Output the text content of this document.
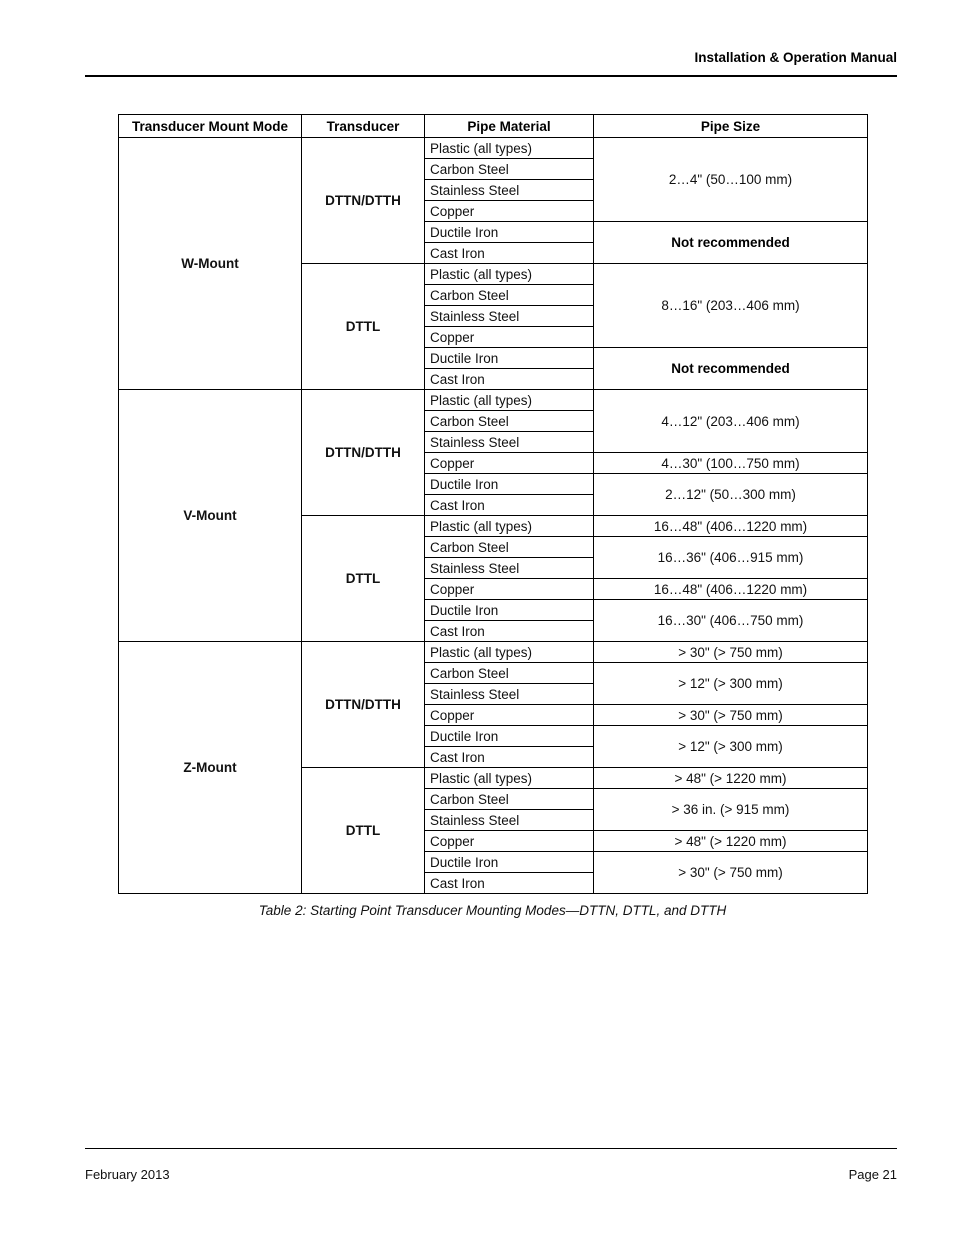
Installation & Operation Manual
Transducer Mount Mode	Transducer	Pipe Material	Pipe Size
W-Mount	DTTN/DTTH	Plastic (all types)	2…4" (50…100 mm)
		Carbon Steel	
		Stainless Steel	
		Copper	
		Ductile Iron	Not recommended
		Cast Iron	
	DTTL	Plastic (all types)	8…16" (203…406 mm)
		Carbon Steel	
		Stainless Steel	
		Copper	
		Ductile Iron	Not recommended
		Cast Iron	
V-Mount	DTTN/DTTH	Plastic (all types)	4…12" (203…406 mm)
		Carbon Steel	
		Stainless Steel	
		Copper	4…30" (100…750 mm)
		Ductile Iron	2…12" (50…300 mm)
		Cast Iron	
	DTTL	Plastic (all types)	16…48" (406…1220 mm)
		Carbon Steel	16…36" (406…915 mm)
		Stainless Steel	
		Copper	16…48" (406…1220 mm)
		Ductile Iron	16…30" (406…750 mm)
		Cast Iron	
Z-Mount	DTTN/DTTH	Plastic (all types)	> 30" (> 750 mm)
		Carbon Steel	> 12" (> 300 mm)
		Stainless Steel	
		Copper	> 30" (> 750 mm)
		Ductile Iron	> 12" (> 300 mm)
		Cast Iron	
	DTTL	Plastic (all types)	> 48" (> 1220 mm)
		Carbon Steel	> 36 in. (> 915 mm)
		Stainless Steel	
		Copper	> 48" (> 1220 mm)
		Ductile Iron	> 30" (> 750 mm)
		Cast Iron	
Table 2: Starting Point Transducer Mounting Modes—DTTN, DTTL, and DTTH
February 2013	Page 21
